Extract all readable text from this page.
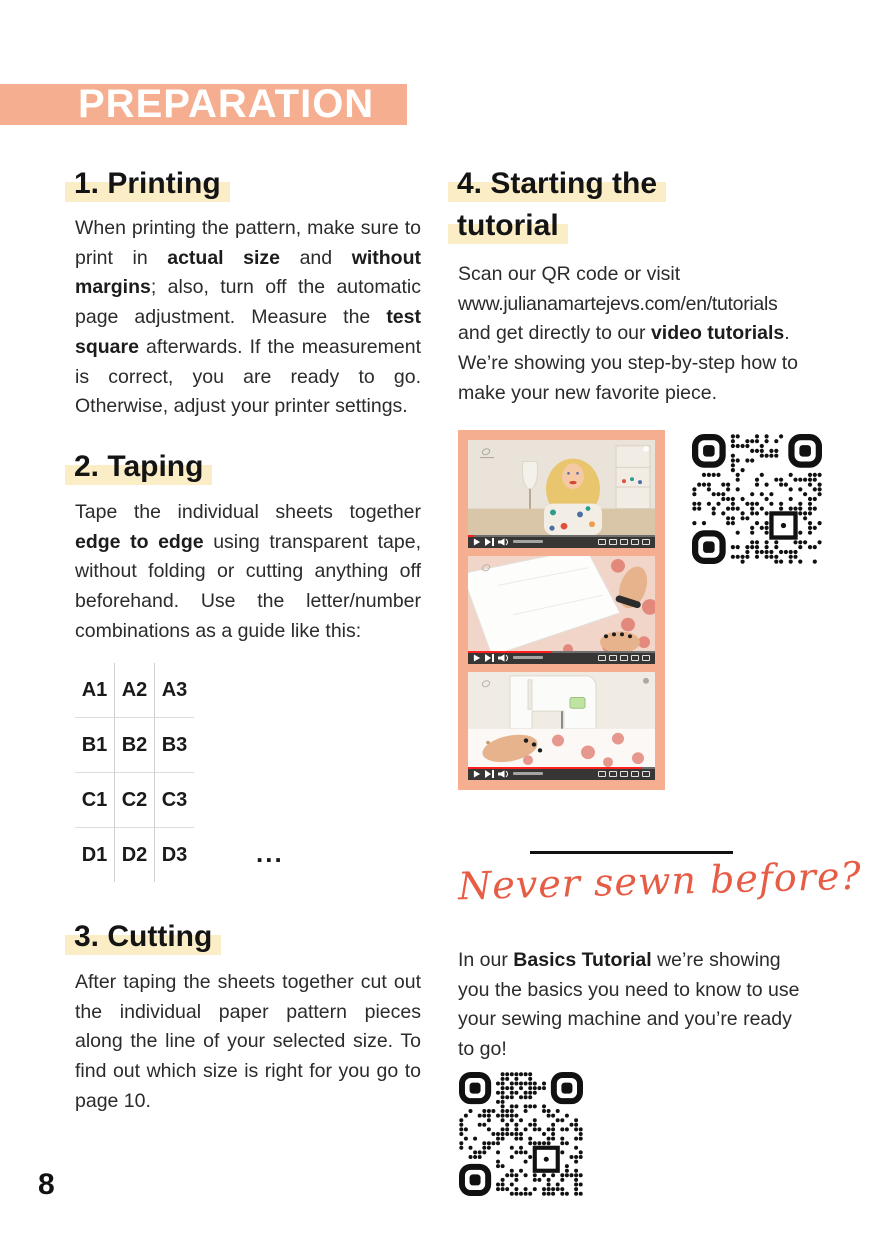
PREPARATION
1. Printing
When printing the pattern, make sure to print in actual size and without margins; also, turn off the automatic page adjustment. Measure the test square afterwards. If the measurement is correct, you are ready to go. Otherwise, adjust your printer settings.
2. Taping
Tape the individual sheets together edge to edge using transparent tape, without folding or cutting anything off beforehand. Use the letter/number combinations as a guide like this:
A1 A2 A3
B1 B2 B3
C1 C2 C3
D1 D2 D3	...
3. Cutting
After taping the sheets together cut out the individual paper pattern pieces along the line of your selected size. To find out which size is right for you go to page 10.
8
4. Starting the
tutorial
Scan our QR code or visit
www.julianamartejevs.com/en/tutorials
and get directly to our video tutorials. We’re showing you step-by-step how to make your new favorite piece.
Never sewn before?
In our Basics Tutorial we’re showing you the basics you need to know to use your sewing machine and you’re ready to go!
